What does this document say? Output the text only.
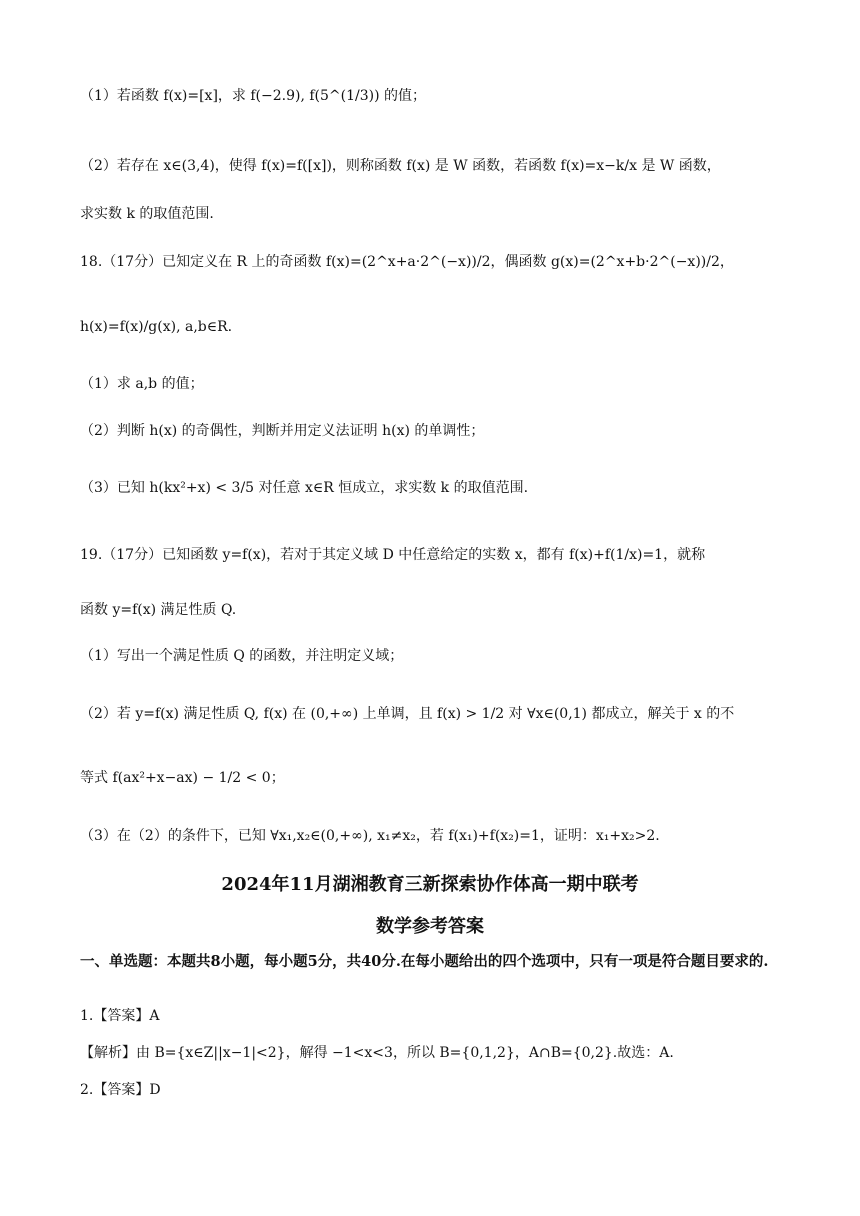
（1）若函数 f(x)=[x]，求 f(−2.9), f(5^(1/3)) 的值；
（2）若存在 x∈(3,4)，使得 f(x)=f([x])，则称函数 f(x) 是 W 函数，若函数 f(x)=x−k/x 是 W 函数，
求实数 k 的取值范围.
18.（17分）已知定义在 R 上的奇函数 f(x)=(2^x+a·2^(−x))/2，偶函数 g(x)=(2^x+b·2^(−x))/2，
h(x)=f(x)/g(x), a,b∈R.
（1）求 a,b 的值；
（2）判断 h(x) 的奇偶性，判断并用定义法证明 h(x) 的单调性；
（3）已知 h(kx²+x) < 3/5 对任意 x∈R 恒成立，求实数 k 的取值范围.
19.（17分）已知函数 y=f(x)，若对于其定义域 D 中任意给定的实数 x，都有 f(x)+f(1/x)=1，就称
函数 y=f(x) 满足性质 Q.
（1）写出一个满足性质 Q 的函数，并注明定义域；
（2）若 y=f(x) 满足性质 Q, f(x) 在 (0,+∞) 上单调，且 f(x) > 1/2 对 ∀x∈(0,1) 都成立，解关于 x 的不
等式 f(ax²+x−ax) − 1/2 < 0；
（3）在（2）的条件下，已知 ∀x₁,x₂∈(0,+∞), x₁≠x₂，若 f(x₁)+f(x₂)=1，证明：x₁+x₂>2.
2024年11月湖湘教育三新探索协作体高一期中联考
数学参考答案
一、单选题：本题共8小题，每小题5分，共40分.在每小题给出的四个选项中，只有一项是符合题目要求的.
1.【答案】A
【解析】由 B={x∈Z||x−1|<2}，解得 −1<x<3，所以 B={0,1,2}，A∩B={0,2}.故选：A.
2.【答案】D
